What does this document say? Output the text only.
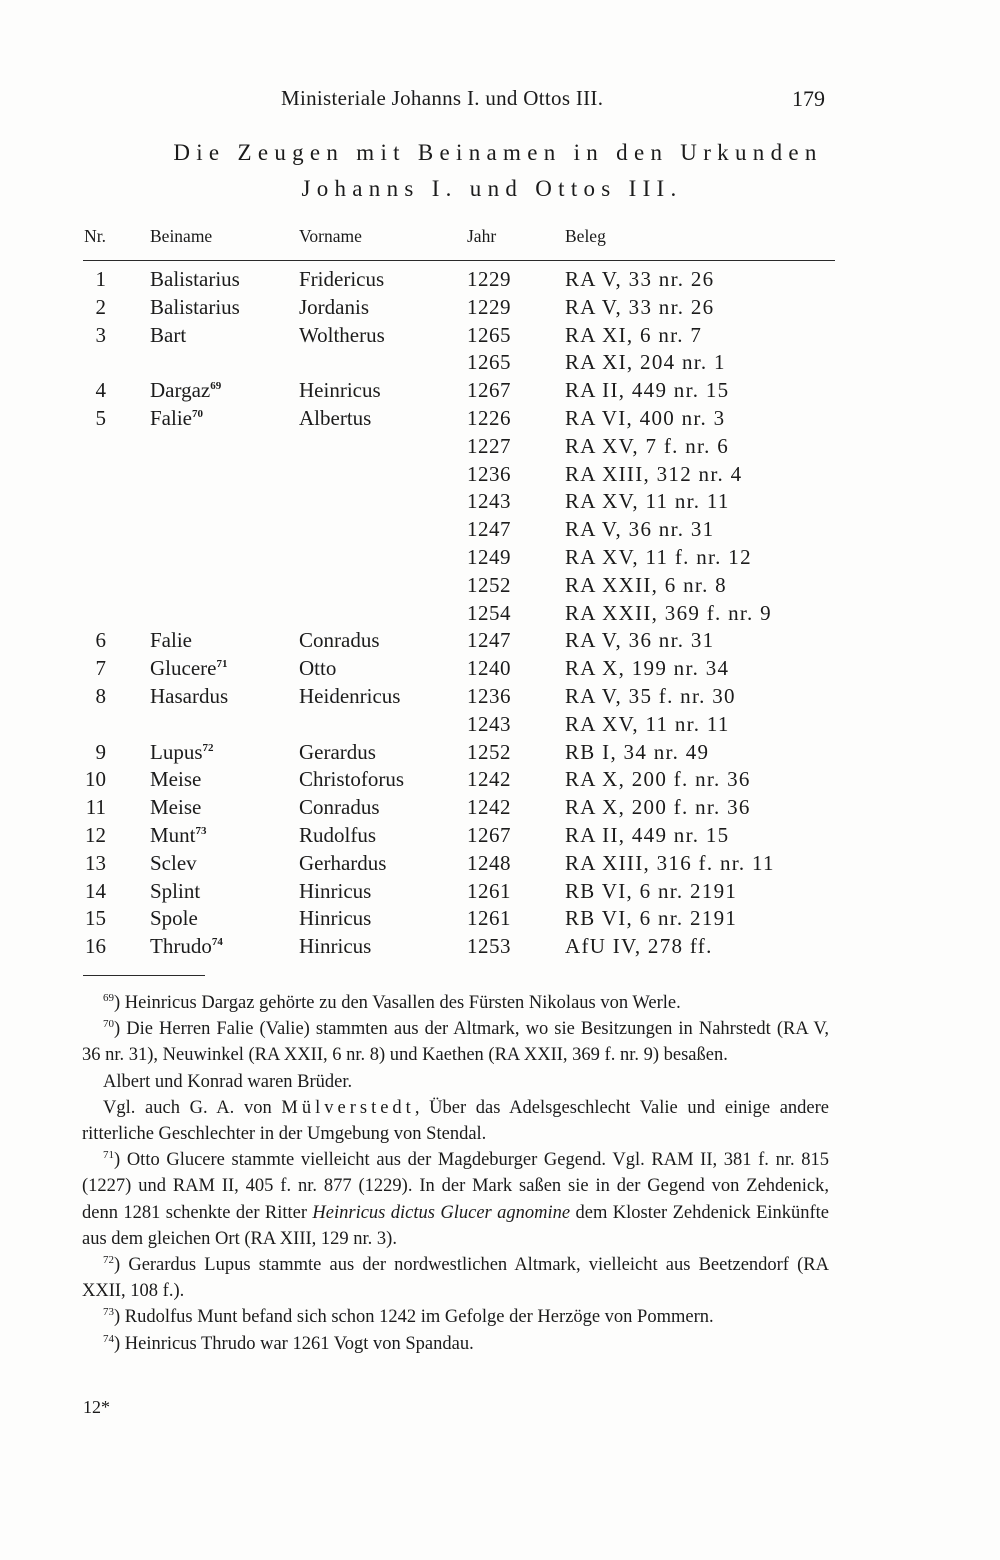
Ministeriale Johanns I. und Ottos III.	179
Die Zeugen mit Beinamen in den Urkunden
Johanns I. und Ottos III.
Nr.	Beiname	Vorname	Jahr	Beleg
1 Balistarius	Fridericus	1229	RA V, 33 nr. 26
2 Balistarius	Jordanis	1229	RA V, 33 nr. 26
3 Bart	Woltherus	1265	RA XI, 6 nr. 7
1265	RA XI, 204 nr. 1
4 Dargaz$^{69}$	Heinricus	1267	RA II, 449 nr. 15
5 Falie$^{70}$	Albertus	1226	RA VI, 400 nr. 3
1227	RA XV, 7 f. nr. 6
1236	RA XIII, 312 nr. 4
1243	RA XV, 11 nr. 11
1247	RA V, 36 nr. 31
1249	RA XV, 11 f. nr. 12
1252	RA XXII, 6 nr. 8
1254	RA XXII, 369 f. nr. 9
6 Falie	Conradus	1247	RA V, 36 nr. 31
7 Glucere$^{71}$	Otto	1240	RA X, 199 nr. 34
8 Hasardus	Heidenricus	1236	RA V, 35 f. nr. 30
1243	RA XV, 11 nr. 11
9 Lupus$^{72}$	Gerardus	1252	RB I, 34 nr. 49
10 Meise	Christoforus	1242	RA X, 200 f. nr. 36
11 Meise	Conradus	1242	RA X, 200 f. nr. 36
12 Munt$^{73}$	Rudolfus	1267	RA II, 449 nr. 15
13 Sclev	Gerhardus	1248	RA XIII, 316 f. nr. 11
14 Splint	Hinricus	1261	RB VI, 6 nr. 2191
15 Spole	Hinricus	1261	RB VI, 6 nr. 2191
16 Thrudo$^{74}$	Hinricus	1253	AfU IV, 278 ff.

$^{69}$) Heinricus Dargaz gehörte zu den Vasallen des Fürsten Nikolaus von Werle.

$^{70}$) Die Herren Falie (Valie) stammten aus der Altmark, wo sie Besitzungen in Nahrstedt (RA V, 36 nr. 31), Neuwinkel (RA XXII, 6 nr. 8) und Kaethen (RA XXII, 369 f. nr. 9) besaßen.

Albert und Konrad waren Brüder.

Vgl. auch G. A. von Mülverstedt, Über das Adelsgeschlecht Valie und einige andere ritterliche Geschlechter in der Umgebung von Stendal.

$^{71}$) Otto Glucere stammte vielleicht aus der Magdeburger Gegend. Vgl. RAM II, 381 f. nr. 815 (1227) und RAM II, 405 f. nr. 877 (1229). In der Mark saßen sie in der Gegend von Zehdenick, denn 1281 schenkte der Ritter Heinricus dictus Glucer agnomine dem Kloster Zehdenick Einkünfte aus dem gleichen Ort (RA XIII, 129 nr. 3).

$^{72}$) Gerardus Lupus stammte aus der nordwestlichen Altmark, vielleicht aus Beetzendorf (RA XXII, 108 f.).

$^{73}$) Rudolfus Munt befand sich schon 1242 im Gefolge der Herzöge von Pommern.

$^{74}$) Heinricus Thrudo war 1261 Vogt von Spandau.

12*
